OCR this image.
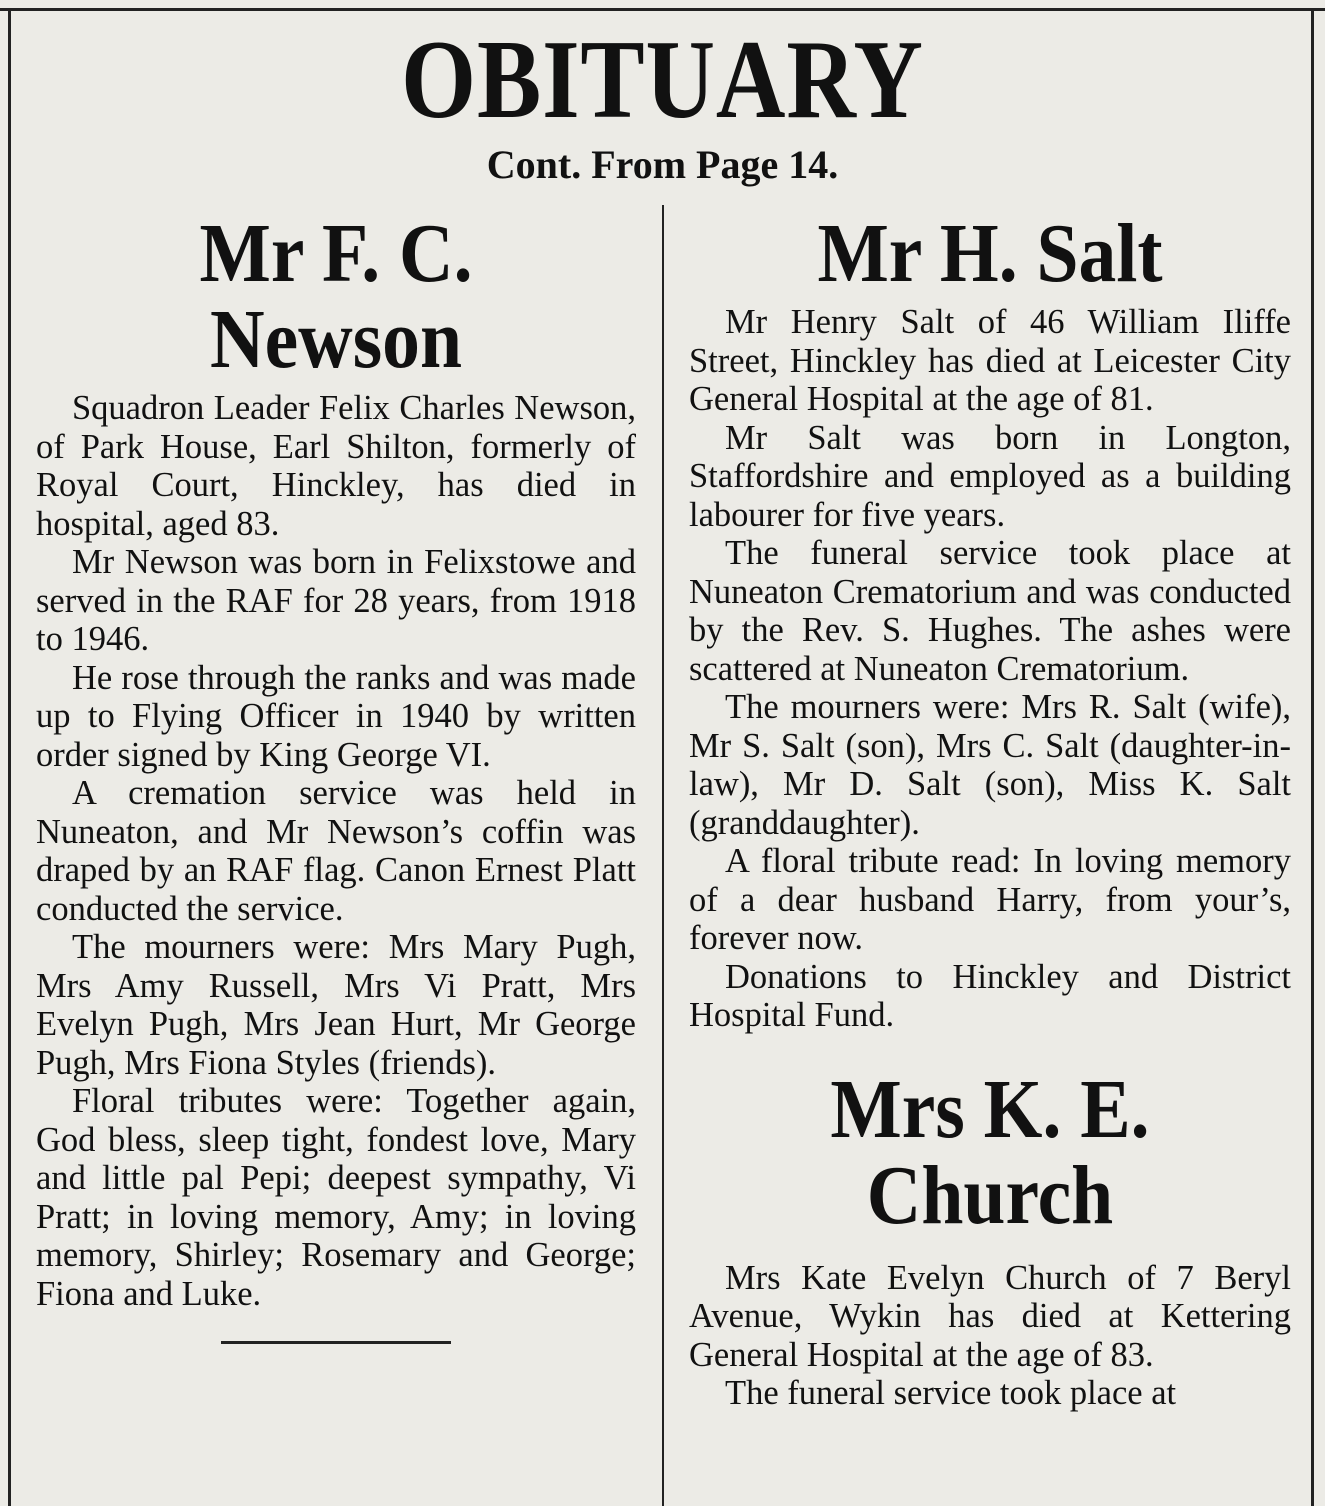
OBITUARY
Cont. From Page 14.
Mr F. C.
Newson

Squadron Leader Felix Charles Newson, of Park House, Earl Shilton, formerly of Royal Court, Hinckley, has died in hospital, aged 83.

Mr Newson was born in Felixstowe and served in the RAF for 28 years, from 1918 to 1946.

He rose through the ranks and was made up to Flying Officer in 1940 by written order signed by King George VI.

A cremation service was held in Nuneaton, and Mr Newson’s coffin was draped by an RAF flag. Canon Ernest Platt conducted the service.

The mourners were: Mrs Mary Pugh, Mrs Amy Russell, Mrs Vi Pratt, Mrs Evelyn Pugh, Mrs Jean Hurt, Mr George Pugh, Mrs Fiona Styles (friends).

Floral tributes were: Together again, God bless, sleep tight, fondest love, Mary and little pal Pepi; deepest sympathy, Vi Pratt; in loving memory, Amy; in loving memory, Shirley; Rosemary and George; Fiona and Luke.

Mr H. Salt

Mr Henry Salt of 46 William Iliffe Street, Hinckley has died at Leicester City General Hospital at the age of 81.

Mr Salt was born in Longton, Staffordshire and employed as a building labourer for five years.

The funeral service took place at Nuneaton Crematorium and was conducted by the Rev. S. Hughes. The ashes were scattered at Nuneaton Crematorium.

The mourners were: Mrs R. Salt (wife), Mr S. Salt (son), Mrs C. Salt (daughter-in-law), Mr D. Salt (son), Miss K. Salt (granddaughter).

A floral tribute read: In loving memory of a dear husband Harry, from your’s, forever now.

Donations to Hinckley and District Hospital Fund.

Mrs K. E.
Church

Mrs Kate Evelyn Church of 7 Beryl Avenue, Wykin has died at Kettering General Hospital at the age of 83.

The funeral service took place at
